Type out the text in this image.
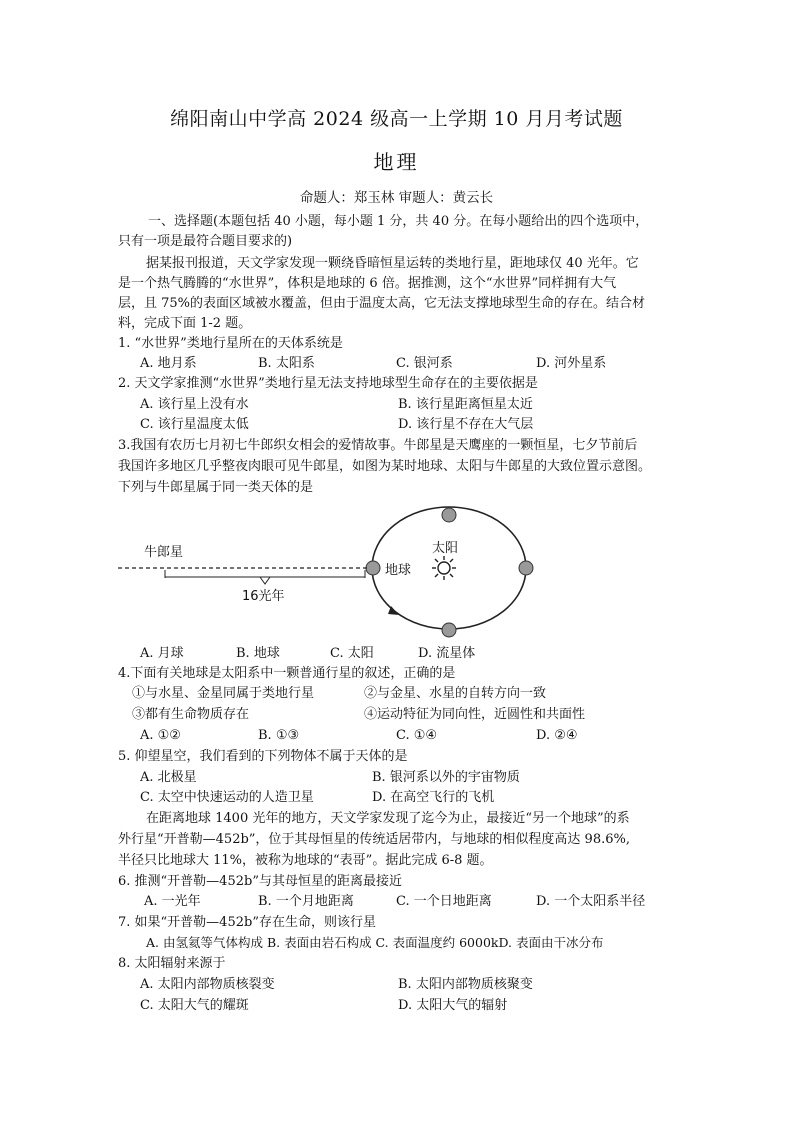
绵阳南山中学高 2024 级高一上学期 10 月月考试题
地理
命题人：郑玉林 审题人：黄云长
一、选择题(本题包括 40 小题，每小题 1 分，共 40 分。在每小题给出的四个选项中，
只有一项是最符合题目要求的)
据某报刊报道，天文学家发现一颗绕昏暗恒星运转的类地行星，距地球仅 40 光年。它
是一个热气腾腾的“水世界”，体积是地球的 6 倍。据推测，这个“水世界”同样拥有大气
层，且 75%的表面区域被水覆盖，但由于温度太高，它无法支撑地球型生命的存在。结合材
料，完成下面 1-2 题。
1. “水世界”类地行星所在的天体系统是
A. 地月系	B. 太阳系	C. 银河系	D. 河外星系
2. 天文学家推测“水世界”类地行星无法支持地球型生命存在的主要依据是
A. 该行星上没有水	B. 该行星距离恒星太近
C. 该行星温度太低	D. 该行星不存在大气层
3.我国有农历七月初七牛郎织女相会的爱情故事。牛郎星是天鹰座的一颗恒星，七夕节前后
我国许多地区几乎整夜肉眼可见牛郎星，如图为某时地球、太阳与牛郎星的大致位置示意图。
下列与牛郎星属于同一类天体的是
牛郎星
地球
太阳
16光年
A. 月球	B. 地球	C. 太阳	D. 流星体
4.下面有关地球是太阳系中一颗普通行星的叙述，正确的是
①与水星、金星同属于类地行星	②与金星、水星的自转方向一致
③都有生命物质存在	④运动特征为同向性，近圆性和共面性
A. ①②	B. ①③	C. ①④	D. ②④
5. 仰望星空，我们看到的下列物体不属于天体的是
A. 北极星	B. 银河系以外的宇宙物质
C. 太空中快速运动的人造卫星	D. 在高空飞行的飞机
在距离地球 1400 光年的地方，天文学家发现了迄今为止，最接近“另一个地球”的系
外行星“开普勒—452b”，位于其母恒星的传统适居带内，与地球的相似程度高达 98.6%,
半径只比地球大 11%，被称为地球的“表哥”。据此完成 6-8 题。
6. 推测“开普勒—452b”与其母恒星的距离最接近
A. 一光年	B. 一个月地距离	C. 一个日地距离	D. 一个太阳系半径
7. 如果“开普勒—452b”存在生命，则该行星
A. 由氢氦等气体构成 B. 表面由岩石构成 C. 表面温度约 6000kD. 表面由干冰分布
8. 太阳辐射来源于
A. 太阳内部物质核裂变	B. 太阳内部物质核聚变
C. 太阳大气的耀斑	D. 太阳大气的辐射
